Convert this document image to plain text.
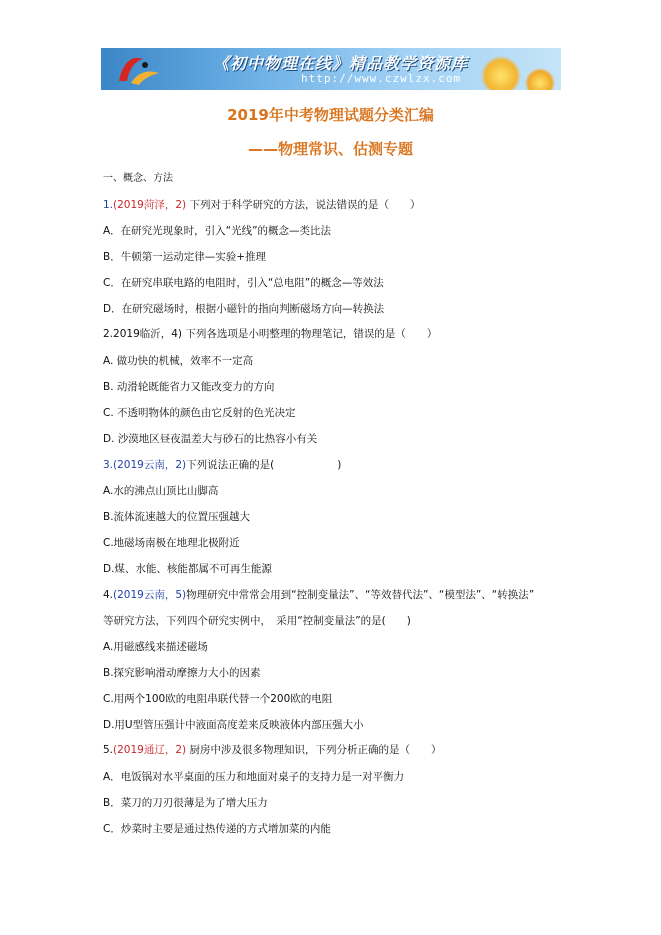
《初中物理在线》精品教学资源库
http://www.czwlzx.com
2019年中考物理试题分类汇编
——物理常识、估测专题
一、概念、方法
1.(2019菏泽，2) 下列对于科学研究的方法，说法错误的是（　　）
A．在研究光现象时，引入“光线”的概念—类比法
B．牛顿第一运动定律—实验+推理
C．在研究串联电路的电阻时，引入“总电阻”的概念—等效法
D．在研究磁场时，根据小磁针的指向判断磁场方向—转换法
2.2019临沂，4) 下列各选项是小明整理的物理笔记，错误的是（　　）
A. 做功快的机械，效率不一定高
B. 动滑轮既能省力又能改变力的方向
C. 不透明物体的颜色由它反射的色光决定
D. 沙漠地区昼夜温差大与砂石的比热容小有关
3.(2019云南，2)下列说法正确的是(　　　　　　)
A.水的沸点山顶比山脚高
B.流体流速越大的位置压强越大
C.地磁场南极在地理北极附近
D.煤、水能、核能都属不可再生能源
4.(2019云南，5)物理研究中常常会用到“控制变量法”、“等效替代法”、“模型法”、“转换法”
等研究方法，下列四个研究实例中，　采用“控制变量法”的是(　　)
A.用磁感线来描述磁场
B.探究影响滑动摩擦力大小的因素
C.用两个100欧的电阻串联代替一个200欧的电阻
D.用U型管压强计中液面高度差来反映液体内部压强大小
5.(2019通辽，2) 厨房中涉及很多物理知识，下列分析正确的是（　　）
A．电饭锅对水平桌面的压力和地面对桌子的支持力是一对平衡力
B．菜刀的刀刃很薄是为了增大压力
C．炒菜时主要是通过热传递的方式增加菜的内能
